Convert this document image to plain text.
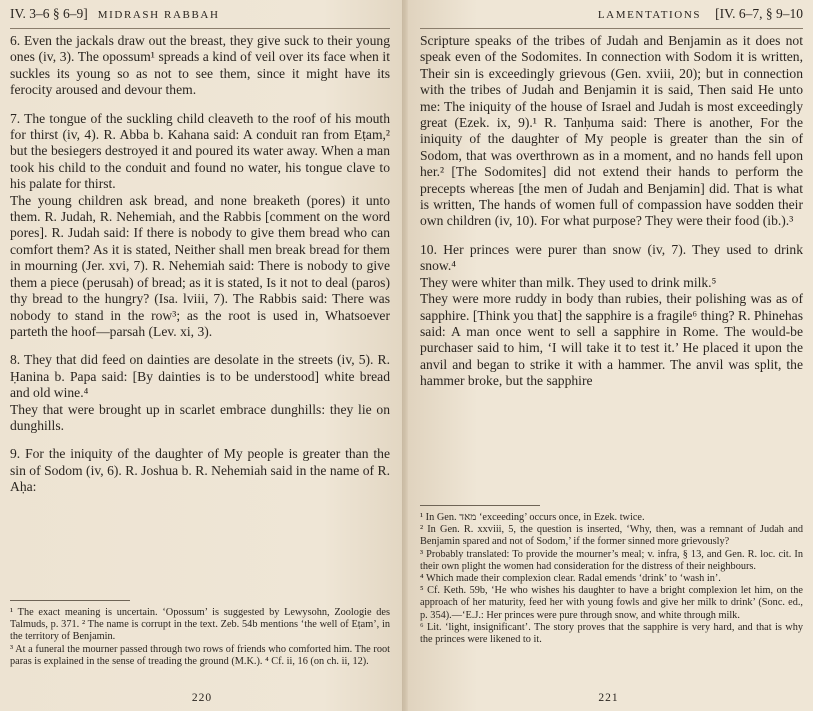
IV. 3–6 § 6–9] MIDRASH RABBAH

6. Even the jackals draw out the breast, they give suck to their young ones (iv, 3). The opossum¹ spreads a kind of veil over its face when it suckles its young so as not to see them, since it might have its ferocity aroused and devour them.

7. The tongue of the suckling child cleaveth to the roof of his mouth for thirst (iv, 4). R. Abba b. Kahana said: A conduit ran from Eṭam,² but the besiegers destroyed it and poured its water away. When a man took his child to the conduit and found no water, his tongue clave to his palate for thirst.

The young children ask bread, and none breaketh (pores) it unto them. R. Judah, R. Nehemiah, and the Rabbis [comment on the word pores]. R. Judah said: If there is nobody to give them bread who can comfort them? As it is stated, Neither shall men break bread for them in mourning (Jer. xvi, 7). R. Nehemiah said: There is nobody to give them a piece (perusah) of bread; as it is stated, Is it not to deal (paros) thy bread to the hungry? (Isa. lviii, 7). The Rabbis said: There was nobody to stand in the row³; as the root is used in, Whatsoever parteth the hoof—parsah (Lev. xi, 3).

8. They that did feed on dainties are desolate in the streets (iv, 5). R. Ḥanina b. Papa said: [By dainties is to be understood] white bread and old wine.⁴

They that were brought up in scarlet embrace dunghills: they lie on dunghills.

9. For the iniquity of the daughter of My people is greater than the sin of Sodom (iv, 6). R. Joshua b. R. Nehemiah said in the name of R. Aḥa:

¹ The exact meaning is uncertain. ‘Opossum’ is suggested by Lewysohn, Zoologie des Talmuds, p. 371. ² The name is corrupt in the text. Zeb. 54b mentions ‘the well of Eṭam’, in the territory of Benjamin.

³ At a funeral the mourner passed through two rows of friends who comforted him. The root paras is explained in the sense of treading the ground (M.K.). ⁴ Cf. ii, 16 (on ch. ii, 12).

220
LAMENTATIONS	[IV. 6–7, § 9–10

Scripture speaks of the tribes of Judah and Benjamin as it does not speak even of the Sodomites. In connection with Sodom it is written, Their sin is exceedingly grievous (Gen. xviii, 20); but in connection with the tribes of Judah and Benjamin it is said, Then said He unto me: The iniquity of the house of Israel and Judah is most exceedingly great (Ezek. ix, 9).¹ R. Tanḥuma said: There is another, For the iniquity of the daughter of My people is greater than the sin of Sodom, that was overthrown as in a moment, and no hands fell upon her.² [The Sodomites] did not extend their hands to perform the precepts whereas [the men of Judah and Benjamin] did. That is what is written, The hands of women full of compassion have sodden their own children (iv, 10). For what purpose? They were their food (ib.).³

10. Her princes were purer than snow (iv, 7). They used to drink snow.⁴

They were whiter than milk. They used to drink milk.⁵

They were more ruddy in body than rubies, their polishing was as of sapphire. [Think you that] the sapphire is a fragile⁶ thing? R. Phinehas said: A man once went to sell a sapphire in Rome. The would-be purchaser said to him, ‘I will take it to test it.’ He placed it upon the anvil and began to strike it with a hammer. The anvil was split, the hammer broke, but the sapphire

¹ In Gen. מאד ‘exceeding’ occurs once, in Ezek. twice.

² In Gen. R. xxviii, 5, the question is inserted, ‘Why, then, was a remnant of Judah and Benjamin spared and not of Sodom,’ if the former sinned more grievously?

³ Probably translated: To provide the mourner’s meal; v. infra, § 13, and Gen. R. loc. cit. In their own plight the women had consideration for the distress of their neighbours.

⁴ Which made their complexion clear. Radal emends ‘drink’ to ‘wash in’.

⁵ Cf. Keth. 59b, ‘He who wishes his daughter to have a bright complexion let him, on the approach of her maturity, feed her with young fowls and give her milk to drink’ (Sonc. ed., p. 354).—‘E.J.: Her princes were pure through snow, and white through milk.

⁶ Lit. ‘light, insignificant’. The story proves that the sapphire is very hard, and that is why the princes were likened to it.

221
